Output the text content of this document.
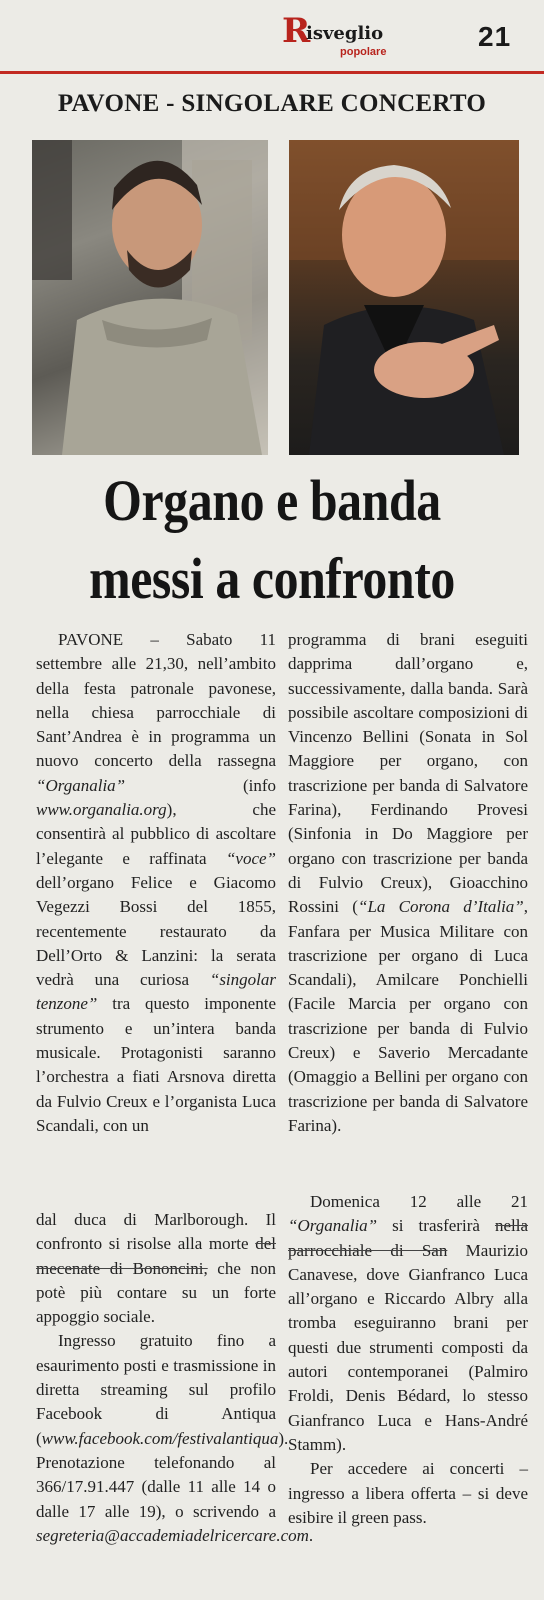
R
isveglio
popolare	21
PAVONE - SINGOLARE CONCERTO
Organo e banda
messi a confronto

PAVONE – Sabato 11 settembre alle 21,30, nell’ambito della festa patronale pavonese, nella chiesa parrocchiale di Sant’Andrea è in programma un nuovo concerto della rassegna “Organalia” (info www.organalia.org), che consentirà al pubblico di ascoltare l’elegante e raffinata “voce” dell’organo Felice e Giacomo Vegezzi Bossi del 1855, recentemente restaurato da Dell’Orto & Lanzini: la serata vedrà una curiosa “singolar tenzone” tra questo imponente strumento e un’intera banda musicale. Protagonisti saranno l’orchestra a fiati Arsnova diretta da Fulvio Creux e l’organista Luca Scandali, con un

programma di brani eseguiti dapprima dall’organo e, successivamente, dalla banda. Sarà possibile ascoltare composizioni di Vincenzo Bellini (Sonata in Sol Maggiore per organo, con trascrizione per banda di Salvatore Farina), Ferdinando Provesi (Sinfonia in Do Maggiore per organo con trascrizione per banda di Fulvio Creux), Gioacchino Rossini (“La Corona d’Italia”, Fanfara per Musica Militare con trascrizione per organo di Luca Scandali), Amilcare Ponchielli (Facile Marcia per organo con trascrizione per banda di Fulvio Creux) e Saverio Mercadante (Omaggio a Bellini per organo con trascrizione per banda di Salvatore Farina).

dal duca di Marlborough. Il confronto si risolse alla morte del mecenate di Bononcini, che non potè più contare su un forte appoggio sociale.

Ingresso gratuito fino a esaurimento posti e trasmissione in diretta streaming sul profilo Facebook di Antiqua (www.facebook.com/festivalantiqua). Prenotazione telefonando al 366/17.91.447 (dalle 11 alle 14 o dalle 17 alle 19), o scrivendo a segreteria@accademiadelricercare.com.

Domenica 12 alle 21 “Organalia” si trasferirà nella parrocchiale di San Maurizio Canavese, dove Gianfranco Luca all’organo e Riccardo Albry alla tromba eseguiranno brani per questi due strumenti composti da autori contemporanei (Palmiro Froldi, Denis Bédard, lo stesso Gianfranco Luca e Hans-André Stamm).

Per accedere ai concerti – ingresso a libera offerta – si deve esibire il green pass.
